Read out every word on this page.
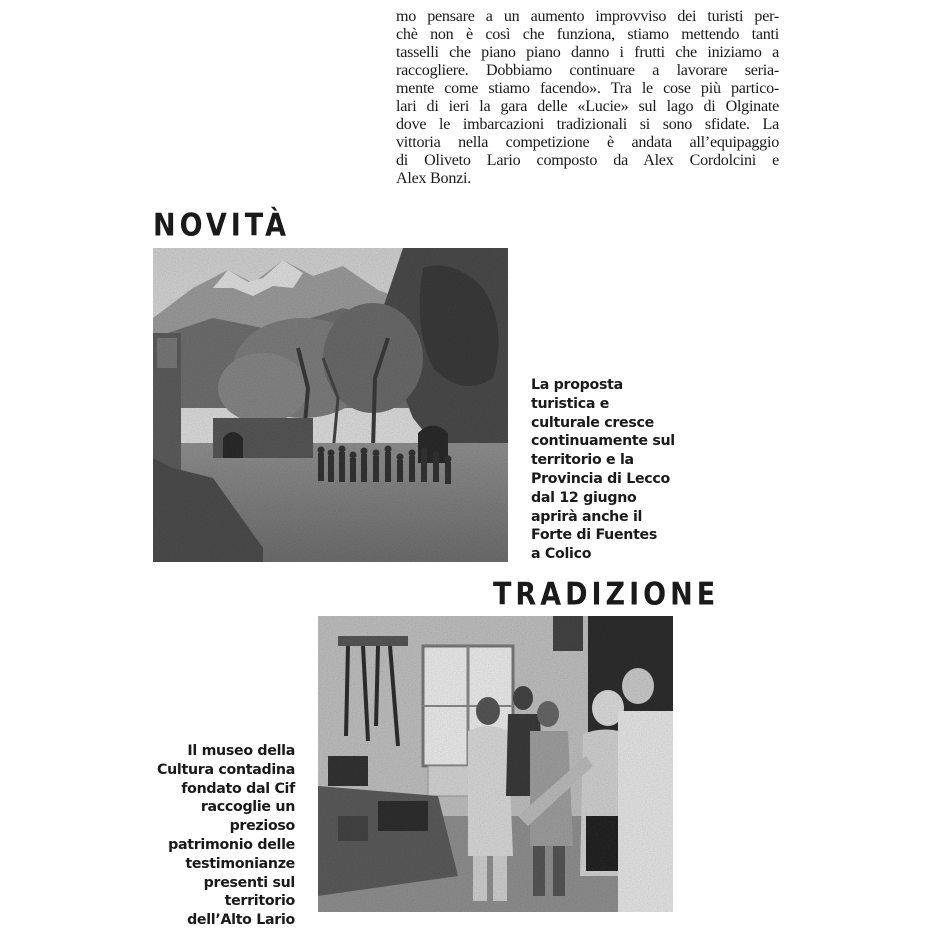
mo pensare a un aumento improvviso dei turisti per-
chè non è così che funziona, stiamo mettendo tanti
tasselli che piano piano danno i frutti che iniziamo a
raccogliere. Dobbiamo continuare a lavorare seria-
mente come stiamo facendo». Tra le cose più partico-
lari di ieri la gara delle «Lucie» sul lago di Olginate
dove le imbarcazioni tradizionali si sono sfidate. La
vittoria nella competizione è andata all’equipaggio
di Oliveto Lario composto da Alex Cordolcini e
Alex Bonzi.
NOVITÀ
La proposta
turistica e
culturale cresce
continuamente sul
territorio e la
Provincia di Lecco
dal 12 giugno
aprirà anche il
Forte di Fuentes
a Colico
TRADIZIONE
Il museo della
Cultura contadina
fondato dal Cif
raccoglie un
prezioso
patrimonio delle
testimonianze
presenti sul
territorio
dell’Alto Lario
